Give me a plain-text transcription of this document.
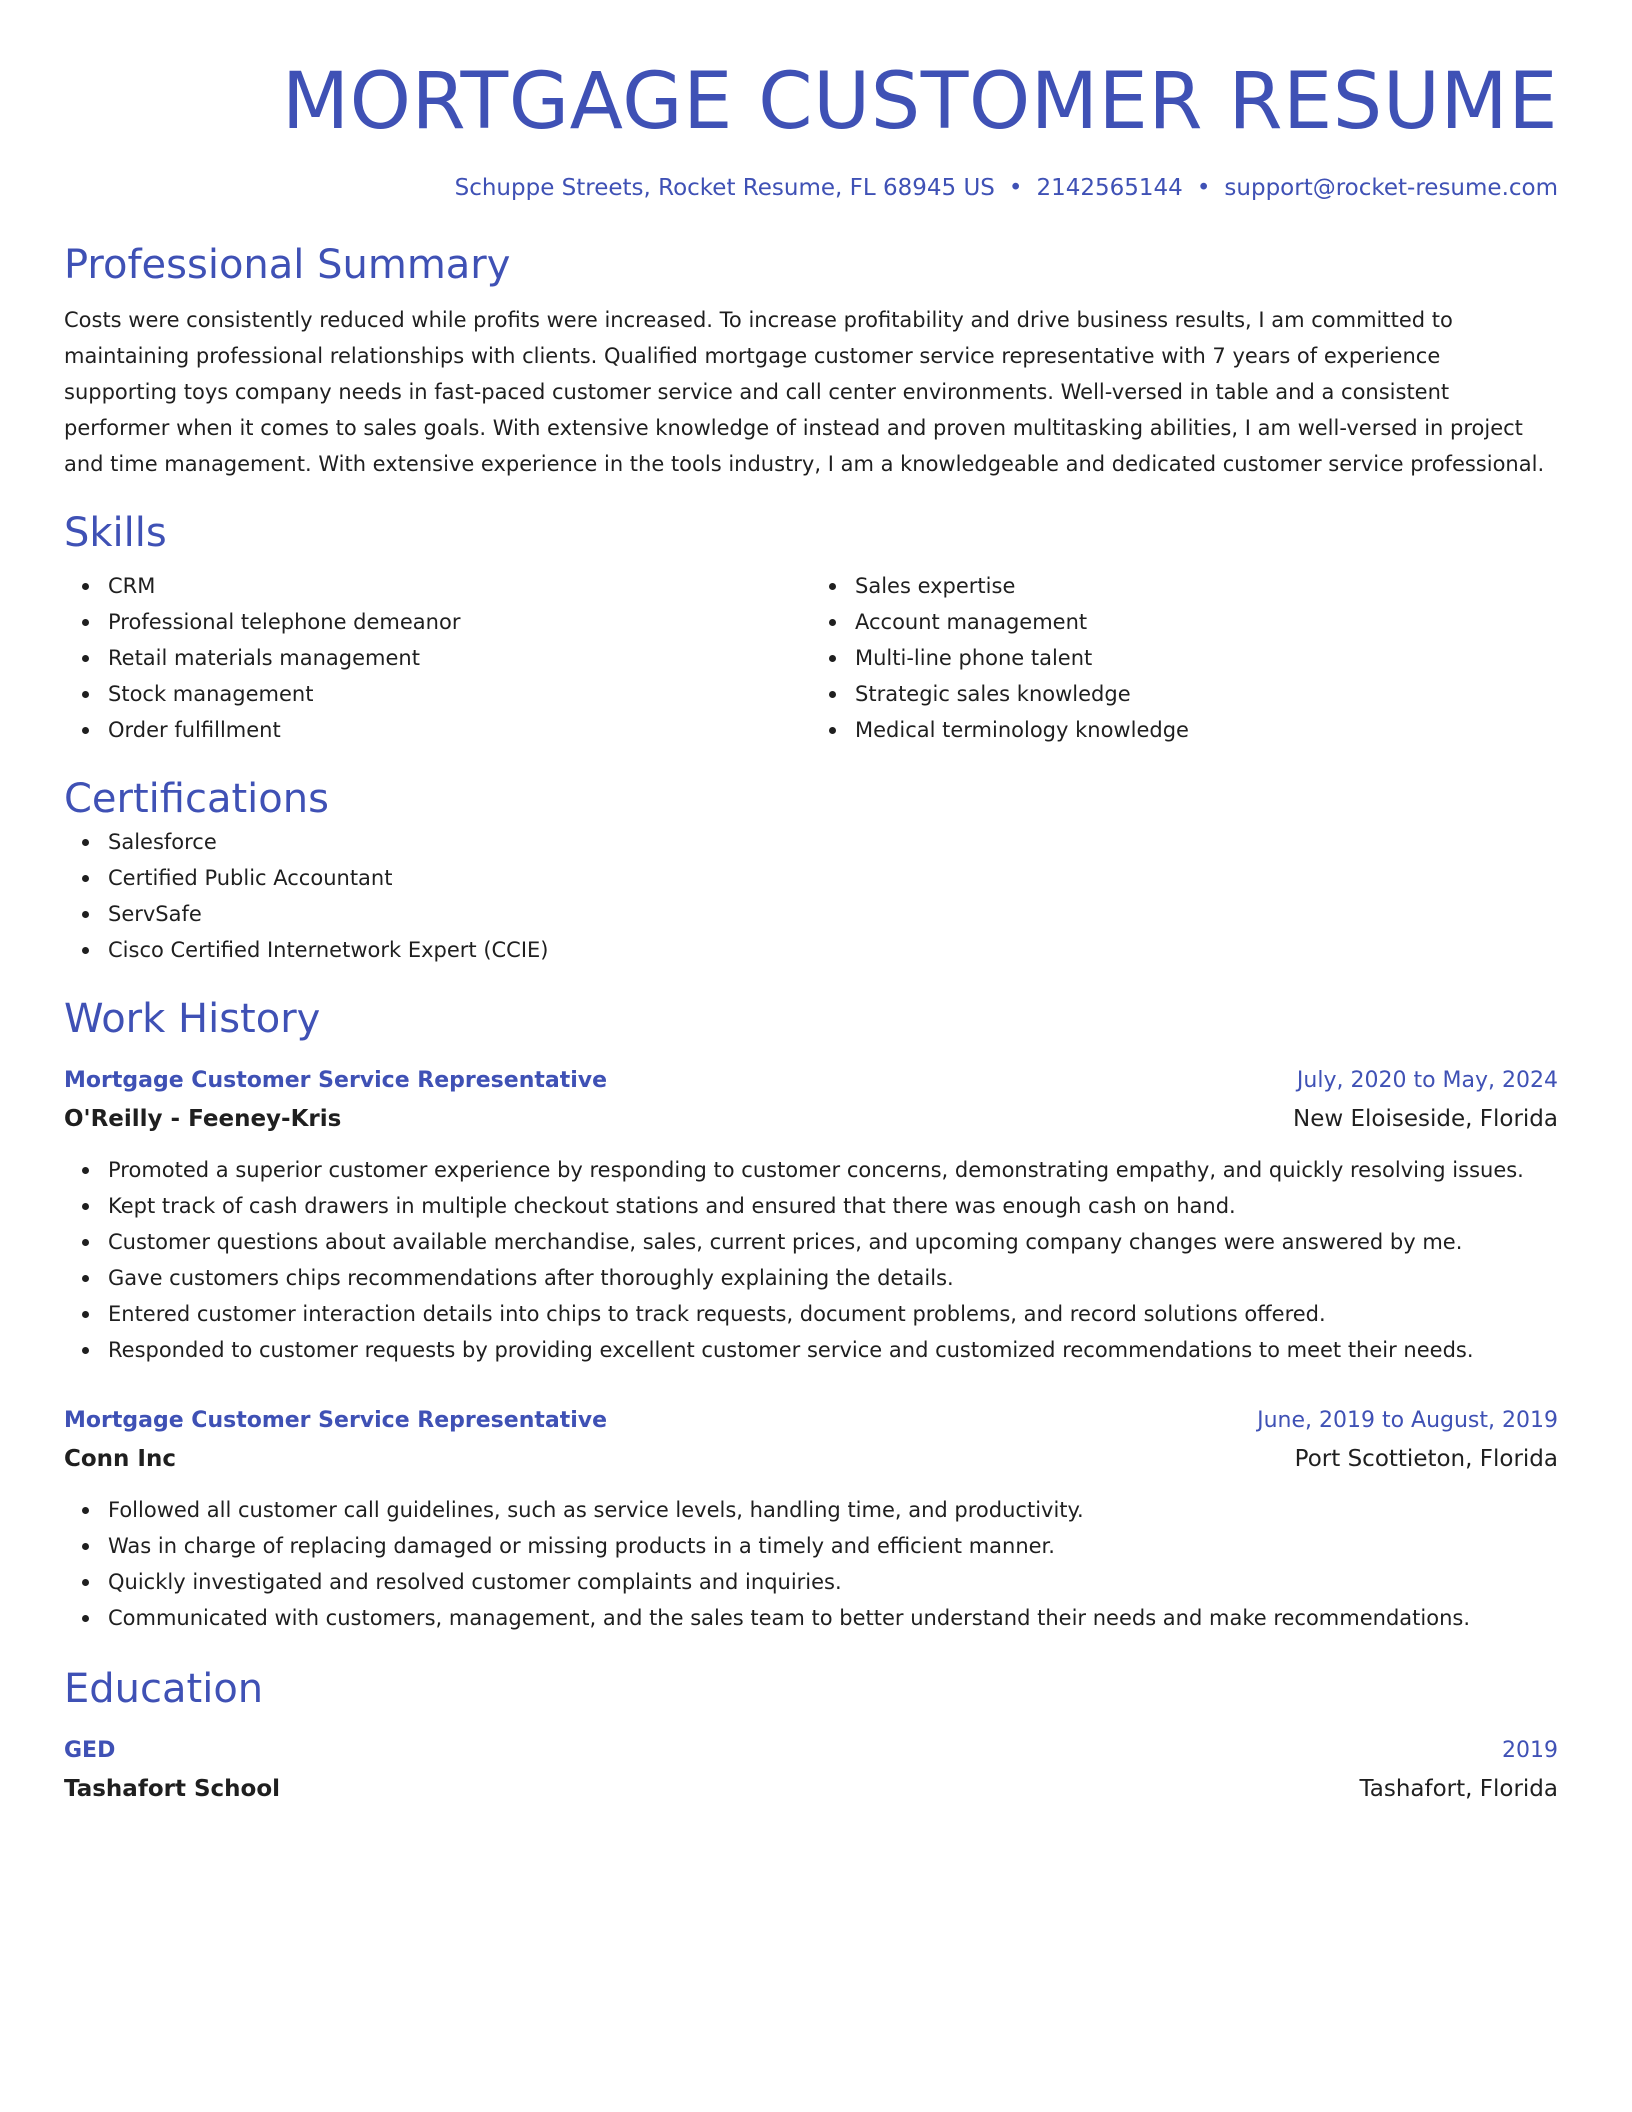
MORTGAGE CUSTOMER RESUME
Schuppe Streets, Rocket Resume, FL 68945 US • 2142565144 • support@rocket-resume.com
Professional Summary
Costs were consistently reduced while profits were increased. To increase profitability and drive business results, I am committed to maintaining professional relationships with clients. Qualified mortgage customer service representative with 7 years of experience supporting toys company needs in fast-paced customer service and call center environments. Well-versed in table and a consistent performer when it comes to sales goals. With extensive knowledge of instead and proven multitasking abilities, I am well-versed in project and time management. With extensive experience in the tools industry, I am a knowledgeable and dedicated customer service professional.
Skills
CRM
Professional telephone demeanor
Retail materials management
Stock management
Order fulfillment
Sales expertise
Account management
Multi-line phone talent
Strategic sales knowledge
Medical terminology knowledge
Certifications
Salesforce
Certified Public Accountant
ServSafe
Cisco Certified Internetwork Expert (CCIE)
Work History
Mortgage Customer Service Representative	July, 2020 to May, 2024
O'Reilly - Feeney-Kris	New Eloiseside, Florida
Promoted a superior customer experience by responding to customer concerns, demonstrating empathy, and quickly resolving issues.
Kept track of cash drawers in multiple checkout stations and ensured that there was enough cash on hand.
Customer questions about available merchandise, sales, current prices, and upcoming company changes were answered by me.
Gave customers chips recommendations after thoroughly explaining the details.
Entered customer interaction details into chips to track requests, document problems, and record solutions offered.
Responded to customer requests by providing excellent customer service and customized recommendations to meet their needs.
Mortgage Customer Service Representative	June, 2019 to August, 2019
Conn Inc	Port Scottieton, Florida
Followed all customer call guidelines, such as service levels, handling time, and productivity.
Was in charge of replacing damaged or missing products in a timely and efficient manner.
Quickly investigated and resolved customer complaints and inquiries.
Communicated with customers, management, and the sales team to better understand their needs and make recommendations.
Education
GED	2019
Tashafort School	Tashafort, Florida
